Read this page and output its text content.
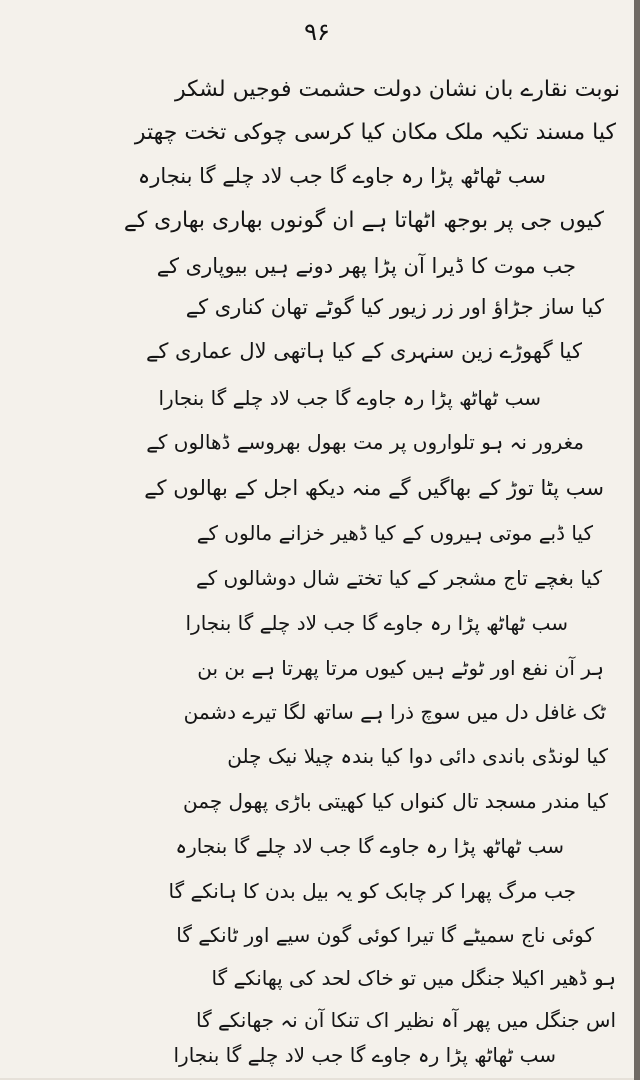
۹۶
نوبت نقارے بان نشان دولت حشمت فوجیں لشکر
کیا مسند تکیہ ملک مکان کیا کرسی چوکی تخت چھتر
سب ٹھاٹھ پڑا رہ جاوے گا جب لاد چلے گا بنجارہ
کیوں جی پر بوجھ اٹھاتا ہے ان گونوں بھاری بھاری کے
جب موت کا ڈیرا آن پڑا پھر دونے ہیں بیوپاری کے
کیا ساز جڑاؤ اور زر زیور کیا گوٹے تھان کناری کے
کیا گھوڑے زین سنہری کے کیا ہاتھی لال عماری کے
سب ٹھاٹھ پڑا رہ جاوے گا جب لاد چلے گا بنجارا
مغرور نہ ہو تلواروں پر مت بھول بھروسے ڈھالوں کے
سب پٹا توڑ کے بھاگیں گے منہ دیکھ اجل کے بھالوں کے
کیا ڈبے موتی ہیروں کے کیا ڈھیر خزانے مالوں کے
کیا بغچے تاج مشجر کے کیا تختے شال دوشالوں کے
سب ٹھاٹھ پڑا رہ جاوے گا جب لاد چلے گا بنجارا
ہر آن نفع اور ٹوٹے ہیں کیوں مرتا پھرتا ہے بن بن
ٹک غافل دل میں سوچ ذرا ہے ساتھ لگا تیرے دشمن
کیا لونڈی باندی دائی دوا کیا بندہ چیلا نیک چلن
کیا مندر مسجد تال کنواں کیا کھیتی باڑی پھول چمن
سب ٹھاٹھ پڑا رہ جاوے گا جب لاد چلے گا بنجارہ
جب مرگ پھرا کر چابک کو یہ بیل بدن کا ہانکے گا
کوئی ناج سمیٹے گا تیرا کوئی گون سیے اور ٹانکے گا
ہو ڈھیر اکیلا جنگل میں تو خاک لحد کی پھانکے گا
اس جنگل میں پھر آہ نظیر اک تنکا آن نہ جھانکے گا
سب ٹھاٹھ پڑا رہ جاوے گا جب لاد چلے گا بنجارا
